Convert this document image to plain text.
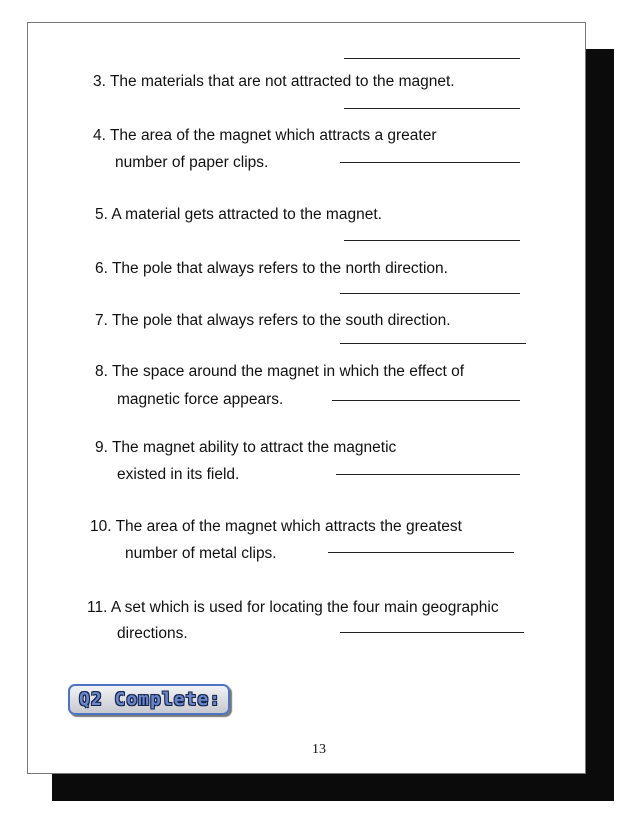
3. The materials that are not attracted to the magnet.
4. The area of the magnet which attracts a greater
number of paper clips.
5. A material gets attracted to the magnet.
6. The pole that always refers to the north direction.
7. The pole that always refers to the south direction.
8. The space around the magnet in which the effect of
magnetic force appears.
9. The magnet ability to attract the magnetic
existed in its field.
10. The area of the magnet which attracts the greatest
number of metal clips.
11. A set which is used for locating the four main geographic
directions.
Q2 Complete:
13
